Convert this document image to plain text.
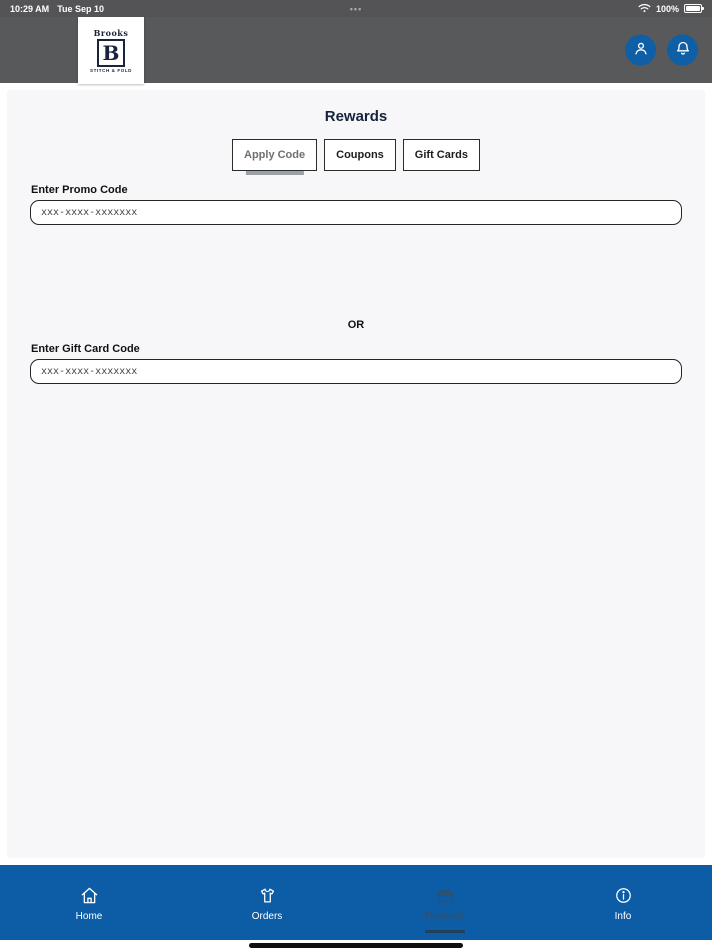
10:29 AM Tue Sep 10	•••	100%
Brooks
B
STITCH & FOLD
Rewards
Apply Code	Coupons	Gift Cards
Enter Promo Code
xxx-xxxx-xxxxxxx
OR
Enter Gift Card Code
xxx-xxxx-xxxxxxx
Home	Orders	Rewards	Info
